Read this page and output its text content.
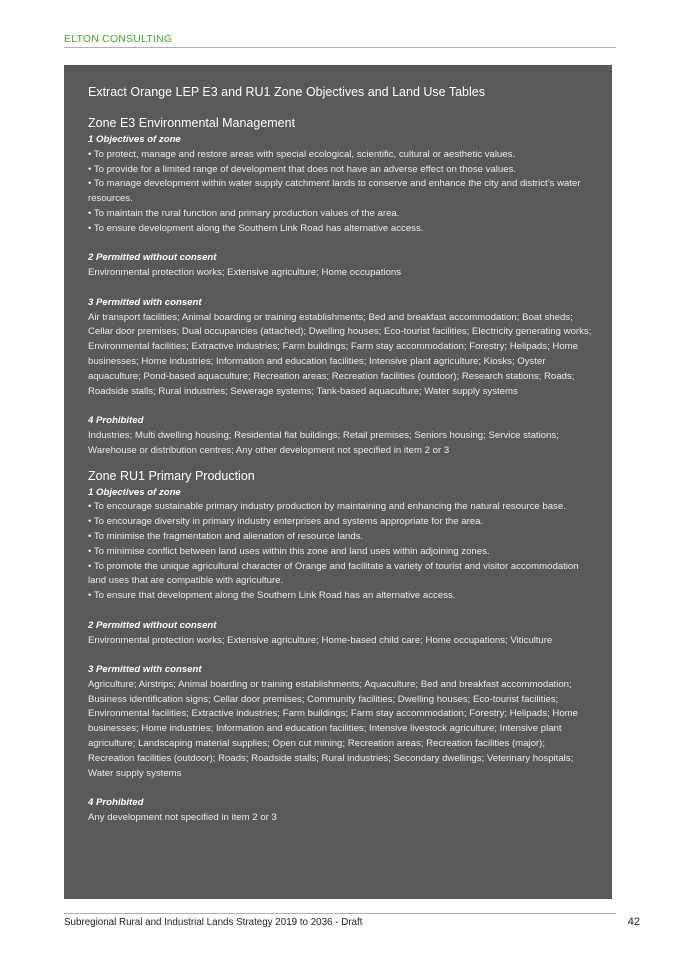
ELTON CONSULTING

Extract Orange LEP E3 and RU1 Zone Objectives and Land Use Tables

Zone E3 Environmental Management

1 Objectives of zone

• To protect, manage and restore areas with special ecological, scientific, cultural or aesthetic values.

• To provide for a limited range of development that does not have an adverse effect on those values.

• To manage development within water supply catchment lands to conserve and enhance the city and district’s water resources.

• To maintain the rural function and primary production values of the area.

• To ensure development along the Southern Link Road has alternative access.

2 Permitted without consent

Environmental protection works; Extensive agriculture; Home occupations

3 Permitted with consent

Air transport facilities; Animal boarding or training establishments; Bed and breakfast accommodation; Boat sheds; Cellar door premises; Dual occupancies (attached); Dwelling houses; Eco-tourist facilities; Electricity generating works; Environmental facilities; Extractive industries; Farm buildings; Farm stay accommodation; Forestry; Helipads; Home businesses; Home industries; Information and education facilities; Intensive plant agriculture; Kiosks; Oyster aquaculture; Pond-based aquaculture; Recreation areas; Recreation facilities (outdoor); Research stations; Roads; Roadside stalls; Rural industries; Sewerage systems; Tank-based aquaculture; Water supply systems

4 Prohibited

Industries; Multi dwelling housing; Residential flat buildings; Retail premises; Seniors housing; Service stations; Warehouse or distribution centres; Any other development not specified in item 2 or 3

Zone RU1 Primary Production

1 Objectives of zone

• To encourage sustainable primary industry production by maintaining and enhancing the natural resource base.

• To encourage diversity in primary industry enterprises and systems appropriate for the area.

• To minimise the fragmentation and alienation of resource lands.

• To minimise conflict between land uses within this zone and land uses within adjoining zones.

• To promote the unique agricultural character of Orange and facilitate a variety of tourist and visitor accommodation land uses that are compatible with agriculture.

• To ensure that development along the Southern Link Road has an alternative access.

2 Permitted without consent

Environmental protection works; Extensive agriculture; Home-based child care; Home occupations; Viticulture

3 Permitted with consent

Agriculture; Airstrips; Animal boarding or training establishments; Aquaculture; Bed and breakfast accommodation; Business identification signs; Cellar door premises; Community facilities; Dwelling houses; Eco-tourist facilities; Environmental facilities; Extractive industries; Farm buildings; Farm stay accommodation; Forestry; Helipads; Home businesses; Home industries; Information and education facilities; Intensive livestock agriculture; Intensive plant agriculture; Landscaping material supplies; Open cut mining; Recreation areas; Recreation facilities (major); Recreation facilities (outdoor); Roads; Roadside stalls; Rural industries; Secondary dwellings; Veterinary hospitals; Water supply systems

4 Prohibited

Any development not specified in item 2 or 3

Subregional Rural and Industrial Lands Strategy 2019 to 2036 - Draft	42
